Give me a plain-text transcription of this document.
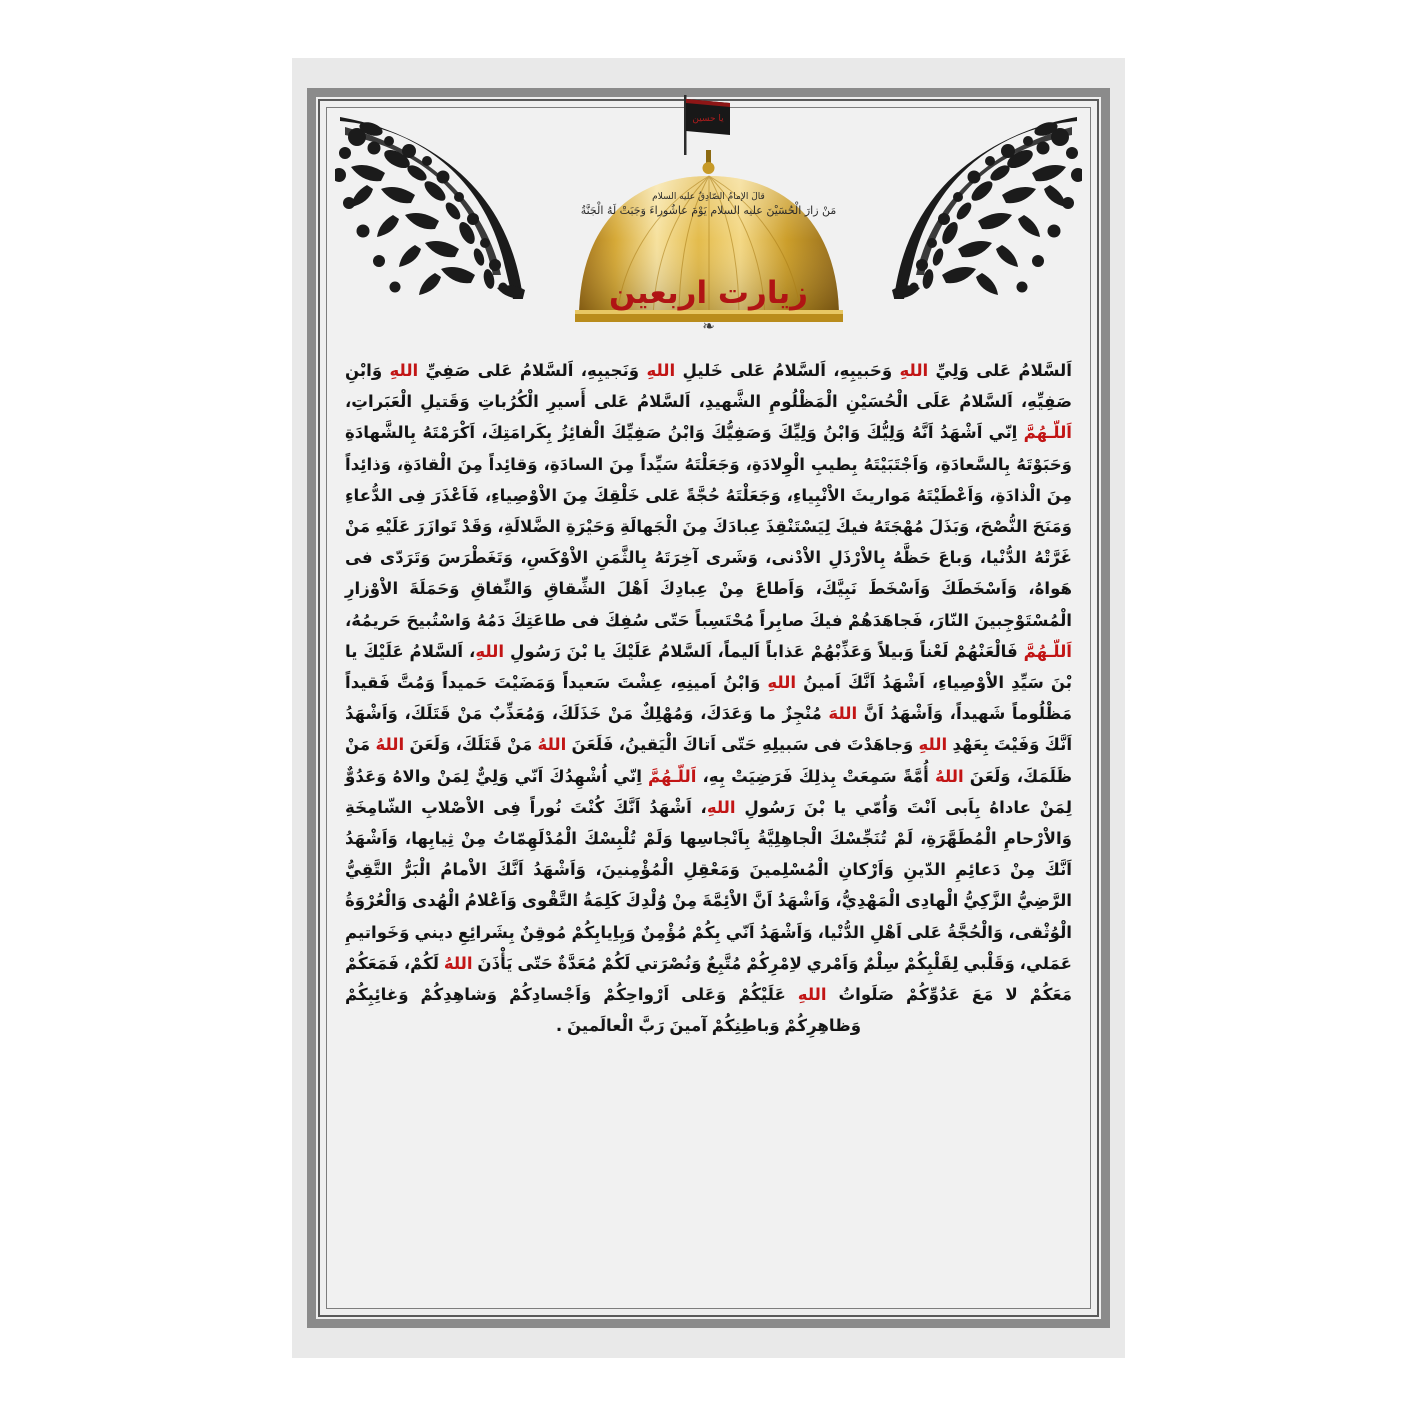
يا حسين
قالَ الإمامُ الصّادِقُ عليه السلام
مَنْ زارَ الْحُسَيْنَ عليه السلام يَوْمَ عاشُوراءَ وَجَبَتْ لَهُ الْجَنَّةُ
زيارت اربعين
❧
اَلسَّلامُ عَلى وَلِيِّ اللهِ وَحَبيبِهِ، اَلسَّلامُ عَلى خَليلِ اللهِ وَنَجيبِهِ، اَلسَّلامُ عَلى صَفِيِّ اللهِ وَابْنِ صَفِيِّهِ، اَلسَّلامُ عَلَى الْحُسَيْنِ الْمَظْلُومِ الشَّهيدِ، اَلسَّلامُ عَلى أَسيرِ الْكُرُباتِ وَقَتيلِ الْعَبَراتِ، اَللّـهُمَّ اِنّي اَشْهَدُ اَنَّهُ وَلِيُّكَ وَابْنُ وَلِيِّكَ وَصَفِيُّكَ وَابْنُ صَفِيِّكَ الْفائِزُ بِكَرامَتِكَ، اَكْرَمْتَهُ بِالشَّهادَةِ وَحَبَوْتَهُ بِالسَّعادَةِ، وَاَجْتَبَيْتَهُ بِطيبِ الْوِلادَةِ، وَجَعَلْتَهُ سَيِّداً مِنَ السادَةِ، وَقائِداً مِنَ الْقادَةِ، وَذائِداً مِنَ الْذادَةِ، وَاَعْطَيْتَهُ مَواريثَ الاْنْبِياءِ، وَجَعَلْتَهُ حُجَّةً عَلى خَلْقِكَ مِنَ الاْوْصِياءِ، فَاَعْذَرَ فِى الدُّعاءِ وَمَنَحَ النُّصْحَ، وَبَذَلَ مُهْجَتَهُ فيكَ لِيَسْتَنْقِذَ عِبادَكَ مِنَ الْجَهالَةِ وَحَيْرَةِ الضَّلالَةِ، وَقَدْ تَوازَرَ عَلَيْهِ مَنْ غَرَّتْهُ الدُّنْيا، وَباعَ حَظَّهُ بِالاْرْذَلِ الاْدْنى، وَشَرى آخِرَتَهُ بِالثَّمَنِ الاْوْكَسِ، وَتَغَطْرَسَ وَتَرَدّى فى هَواهُ، وَاَسْخَطَكَ وَاَسْخَطَ نَبِيَّكَ، وَاَطاعَ مِنْ عِبادِكَ اَهْلَ الشِّقاقِ وَالنِّفاقِ وَحَمَلَةَ الاْوْزارِ الْمُسْتَوْجِبينَ النّارَ، فَجاهَدَهُمْ فيكَ صابِراً مُحْتَسِباً حَتّى سُفِكَ فى طاعَتِكَ دَمُهُ وَاسْتُبيحَ حَريمُهُ، اَللّـهُمَّ فَالْعَنْهُمْ لَعْناً وَبيلاً وَعَذِّبْهُمْ عَذاباً اَليماً، اَلسَّلامُ عَلَيْكَ يا بْنَ رَسُولِ اللهِ، اَلسَّلامُ عَلَيْكَ يا بْنَ سَيِّدِ الاْوْصِياءِ، اَشْهَدُ اَنَّكَ اَمينُ اللهِ وَابْنُ اَمينِهِ، عِشْتَ سَعيداً وَمَضَيْتَ حَميداً وَمُتَّ فَقيداً مَظْلُوماً شَهيداً، وَاَشْهَدُ اَنَّ اللهَ مُنْجِزٌ ما وَعَدَكَ، وَمُهْلِكٌ مَنْ خَذَلَكَ، وَمُعَذِّبٌ مَنْ قَتَلَكَ، وَاَشْهَدُ اَنَّكَ وَفَيْتَ بِعَهْدِ اللهِ وَجاهَدْتَ فى سَبيلِهِ حَتّى اَتاكَ الْيَقينُ، فَلَعَنَ اللهُ مَنْ قَتَلَكَ، وَلَعَنَ اللهُ مَنْ ظَلَمَكَ، وَلَعَنَ اللهُ أُمَّةً سَمِعَتْ بِذلِكَ فَرَضِيَتْ بِهِ، اَللّـهُمَّ اِنّي اُشْهِدُكَ اَنّي وَلِيٌّ لِمَنْ والاهُ وَعَدُوٌّ لِمَنْ عاداهُ بِاَبى اَنْتَ وَاُمّي يا بْنَ رَسُولِ اللهِ، اَشْهَدُ اَنَّكَ كُنْتَ نُوراً فِى الاْصْلابِ الشّامِخَةِ وَالاْرْحامِ الْمُطَهَّرَةِ، لَمْ تُنَجِّسْكَ الْجاهِلِيَّةُ بِاَنْجاسِها وَلَمْ تُلْبِسْكَ الْمُدْلَهِمّاتُ مِنْ ثِيابِها، وَاَشْهَدُ اَنَّكَ مِنْ دَعائِمِ الدّينِ وَاَرْكانِ الْمُسْلِمينَ وَمَعْقِلِ الْمُؤْمِنينَ، وَاَشْهَدُ اَنَّكَ الاْمامُ الْبَرُّ التَّقِيُّ الرَّضِيُّ الزَّكِيُّ الْهادِى الْمَهْدِيُّ، وَاَشْهَدُ اَنَّ الاْئِمَّةَ مِنْ وُلْدِكَ كَلِمَةُ التَّقْوى وَاَعْلامُ الْهُدى وَالْعُرْوَةُ الْوُثْقى، وَالْحُجَّةُ عَلى اَهْلِ الدُّنْيا، وَاَشْهَدُ اَنّي بِكُمْ مُؤْمِنٌ وَبِاِيابِكُمْ مُوقِنٌ بِشَرائِعِ ديني وَخَواتيمِ عَمَلي، وَقَلْبي لِقَلْبِكُمْ سِلْمٌ وَاَمْري لاِمْرِكُمْ مُتَّبِعٌ وَنُصْرَتي لَكُمْ مُعَدَّةٌ حَتّى يَأْذَنَ اللهُ لَكُمْ، فَمَعَكُمْ مَعَكُمْ لا مَعَ عَدُوِّكُمْ صَلَواتُ اللهِ عَلَيْكُمْ وَعَلى اَرْواحِكُمْ وَاَجْسادِكُمْ وَشاهِدِكُمْ وَغائِبِكُمْ وَظاهِرِكُمْ وَباطِنِكُمْ آمينَ رَبَّ الْعالَمينَ .
